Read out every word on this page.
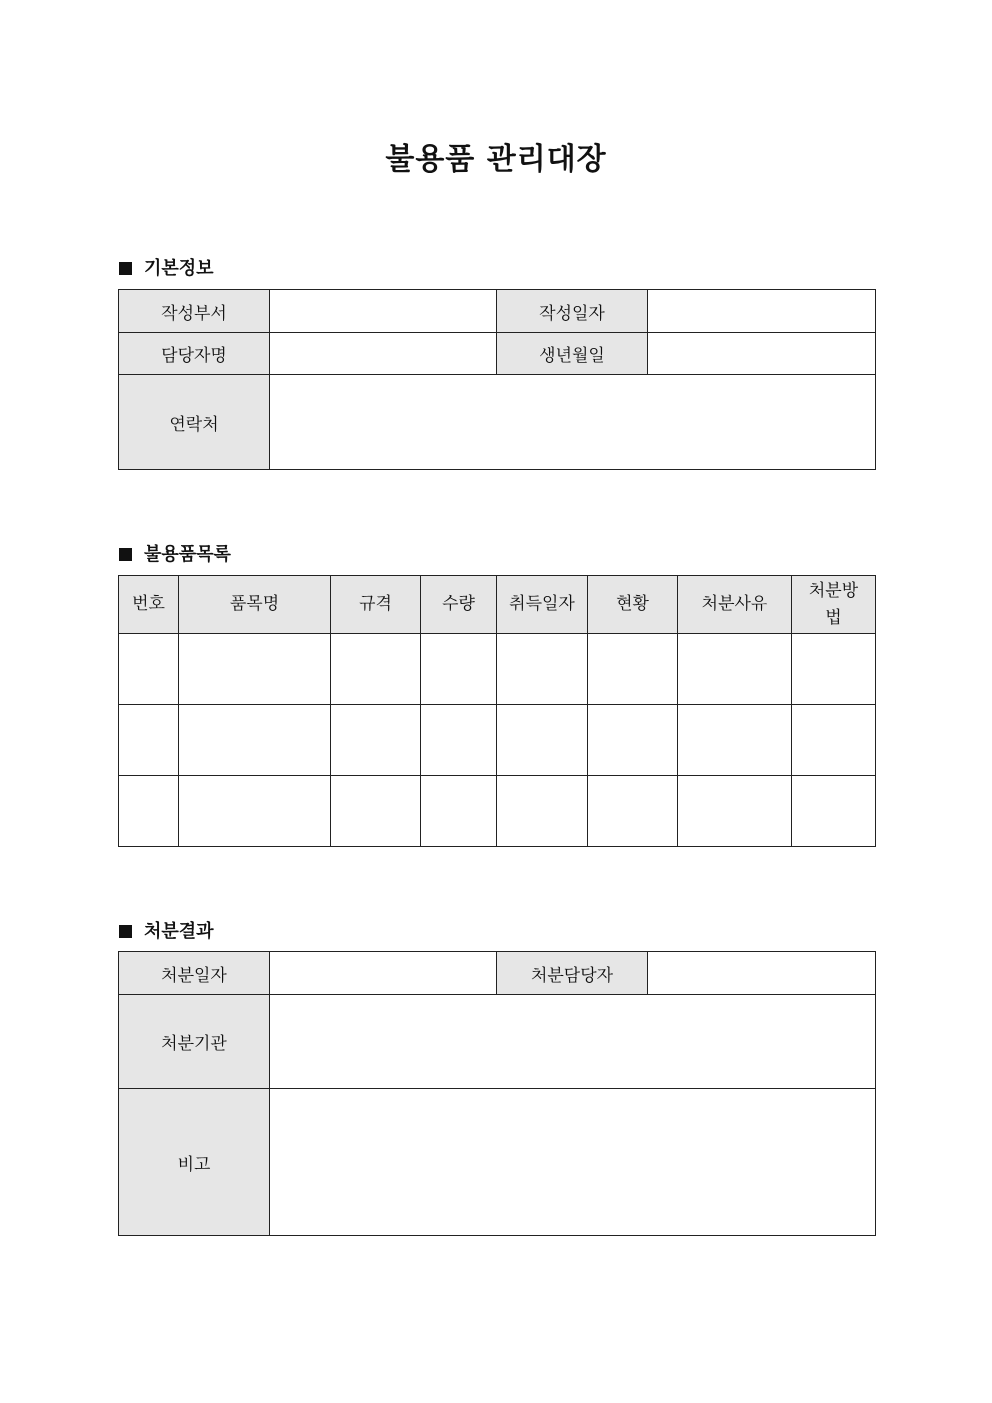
불용품 관리대장
기본정보
작성부서		작성일자	
담당자명		생년월일	
연락처			
불용품목록
번호	품목명	규격	수량	취득일자	현황	처분사유	처분방법

처분결과
처분일자		처분담당자	
처분기관			
비고			
